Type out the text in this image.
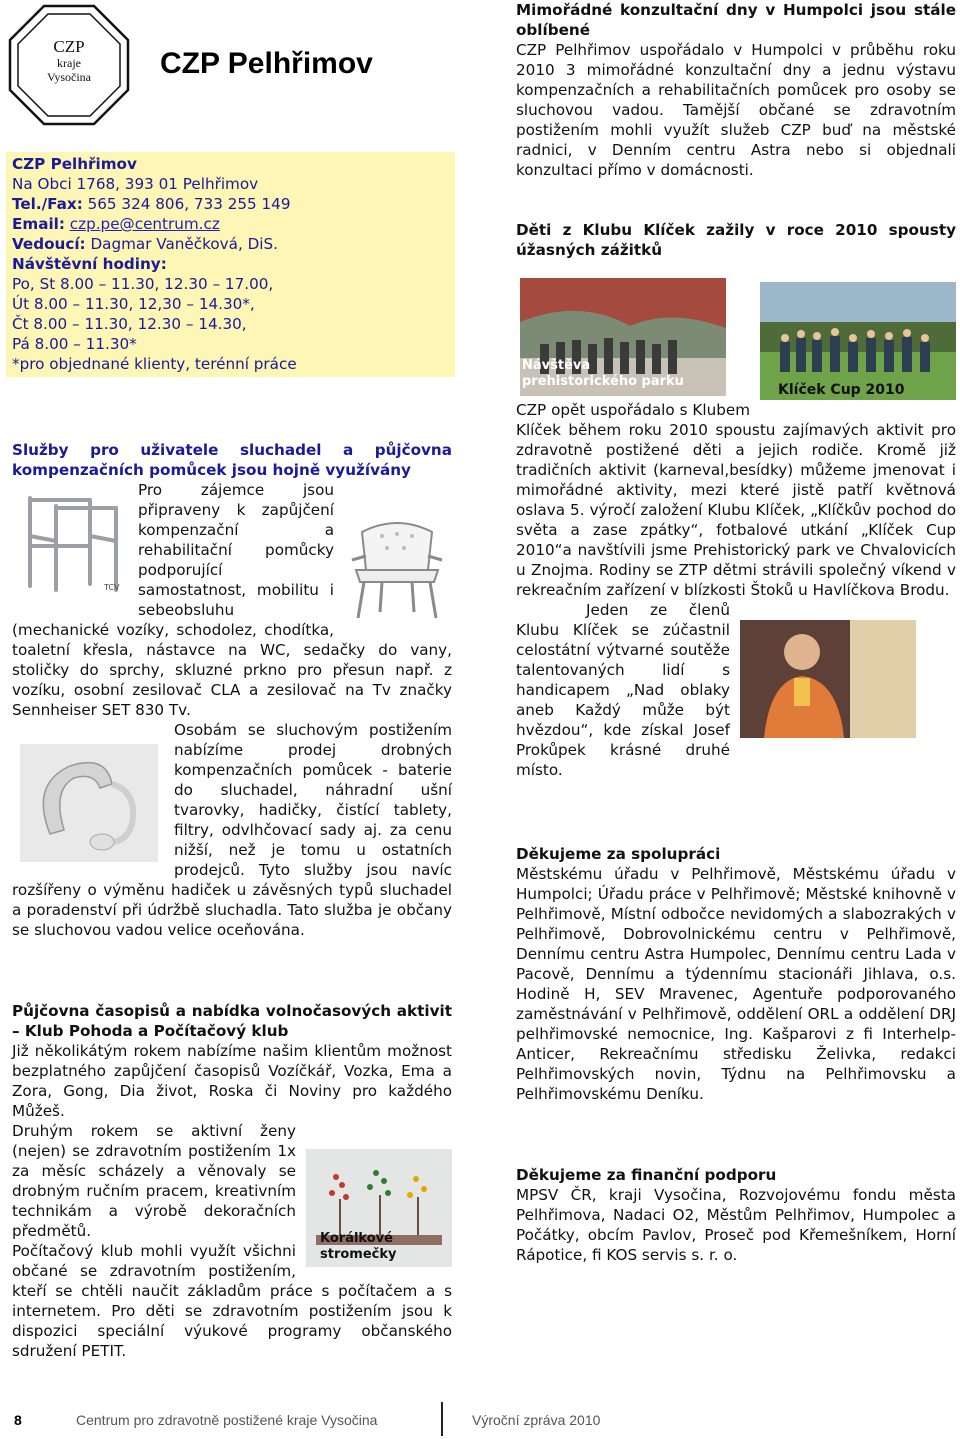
CZP
kraje
Vysočina	CZP Pelhřimov
CZP Pelhřimov
Na Obci 1768, 393 01 Pelhřimov
Tel./Fax: 565 324 806, 733 255 149
Email: czp.pe@centrum.cz
Vedoucí: Dagmar Vaněčková, DiS.
Návštěvní hodiny:
Po, St 8.00 – 11.30, 12.30 – 17.00,
Út 8.00 – 11.30, 12,30 – 14.30*,
Čt 8.00 – 11.30, 12.30 – 14.30,
Pá 8.00 – 11.30*
*pro objednané klienty, terénní práce

Služby pro uživatele sluchadel a půjčovna kompenzačních pomůcek jsou hojně využívány

TCV

Pro zájemce jsou připraveny k zapůjčení kompenzační a rehabilitační pomůcky podporující samostatnost, mobilitu i sebeobsluhu (mechanické vozíky, schodolez, chodítka, toaletní křesla, nástavce na WC, sedačky do vany, stoličky do sprchy, skluzné prkno pro přesun např. z vozíku, osobní zesilovač CLA a zesilovač na Tv značky Sennheiser SET 830 Tv.

Osobám se sluchovým postižením nabízíme prodej drobných kompenzačních pomůcek - baterie do sluchadel, náhradní ušní tvarovky, hadičky, čistící tablety, filtry, odvlhčovací sady aj. za cenu nižší, než je tomu u ostatních prodejců. Tyto služby jsou navíc rozšířeny o výměnu hadiček u závěsných typů sluchadel a poradenství při údržbě sluchadla. Tato služba je občany se sluchovou vadou velice oceňována.

Půjčovna časopisů a nabídka volnočasových aktivit – Klub Pohoda a Počítačový klub

Již několikátým rokem nabízíme našim klientům možnost bezplatného zapůjčení časopisů Vozíčkář, Vozka, Ema a Zora, Gong, Dia život, Roska či Noviny pro každého Můžeš.

Korálkové stromečky

Druhým rokem se aktivní ženy (nejen) se zdravotním postižením 1x za měsíc scházely a věnovaly se drobným ručním pracem, kreativním technikám a výrobě dekoračních předmětů.

Počítačový klub mohli využít všichni občané se zdravotním postižením, kteří se chtěli naučit základům práce s počítačem a s internetem. Pro děti se zdravotním postižením jsou k dispozici speciální výukové programy občanského sdružení PETIT.

Mimořádné konzultační dny v Humpolci jsou stále oblíbené

CZP Pelhřimov uspořádalo v Humpolci v průběhu roku 2010 3 mimořádné konzultační dny a jednu výstavu kompenzačních a rehabilitačních pomůcek pro osoby se sluchovou vadou. Tamější občané se zdravotním postižením mohli využít služeb CZP buď na městské radnici, v Denním centru Astra nebo si objednali konzultaci přímo v domácnosti.

Děti z Klubu Klíček zažily v roce 2010 spousty úžasných zážitků

Klíček Cup 2010
Návštěva
prehistorického parku

CZP opět uspořádalo s Klubem Klíček během roku 2010 spoustu zajímavých aktivit pro zdravotně postižené děti a jejich rodiče. Kromě již tradičních aktivit (karneval,besídky) můžeme jmenovat i mimořádné aktivity, mezi které jistě patří květnová oslava 5. výročí založení Klubu Klíček, „Klíčkův pochod do světa a zase zpátky“, fotbalové utkání „Klíček Cup 2010“a navštívili jsme Prehistorický park ve Chvalovicích u Znojma. Rodiny se ZTP dětmi strávili společný víkend v rekreačním zařízení v blízkosti Štoků u Havlíčkova Brodu.

Jeden ze členů Klubu Klíček se zúčastnil celostátní výtvarné soutěže talentovaných lidí s handicapem „Nad oblaky aneb Každý může být hvězdou“, kde získal Josef Prokůpek krásné druhé místo.

Děkujeme za spolupráci

Městskému úřadu v Pelhřimově, Městskému úřadu v Humpolci; Úřadu práce v Pelhřimově; Městské knihovně v Pelhřimově, Místní odbočce nevidomých a slabozrakých v Pelhřimově, Dobrovolnickému centru v Pelhřimově, Dennímu centru Astra Humpolec, Dennímu centru Lada v Pacově, Dennímu a týdennímu stacionáři Jihlava, o.s. Hodině H, SEV Mravenec, Agentuře podporovaného zaměstnávání v Pelhřimově, oddělení ORL a oddělení DRJ pelhřimovské nemocnice, Ing. Kašparovi z fi Interhelp-Anticer, Rekreačnímu středisku Želivka, redakci Pelhřimovských novin, Týdnu na Pelhřimovsku a Pelhřimovskému Deníku.

Děkujeme za finanční podporu

MPSV ČR, kraji Vysočina, Rozvojovému fondu města Pelhřimova, Nadaci O2, Městům Pelhřimov, Humpolec a Počátky, obcím Pavlov, Proseč pod Křemešníkem, Horní Rápotice, fi KOS servis s. r. o.

8	Centrum pro zdravotně postižené kraje Vysočina	Výroční zpráva 2010
